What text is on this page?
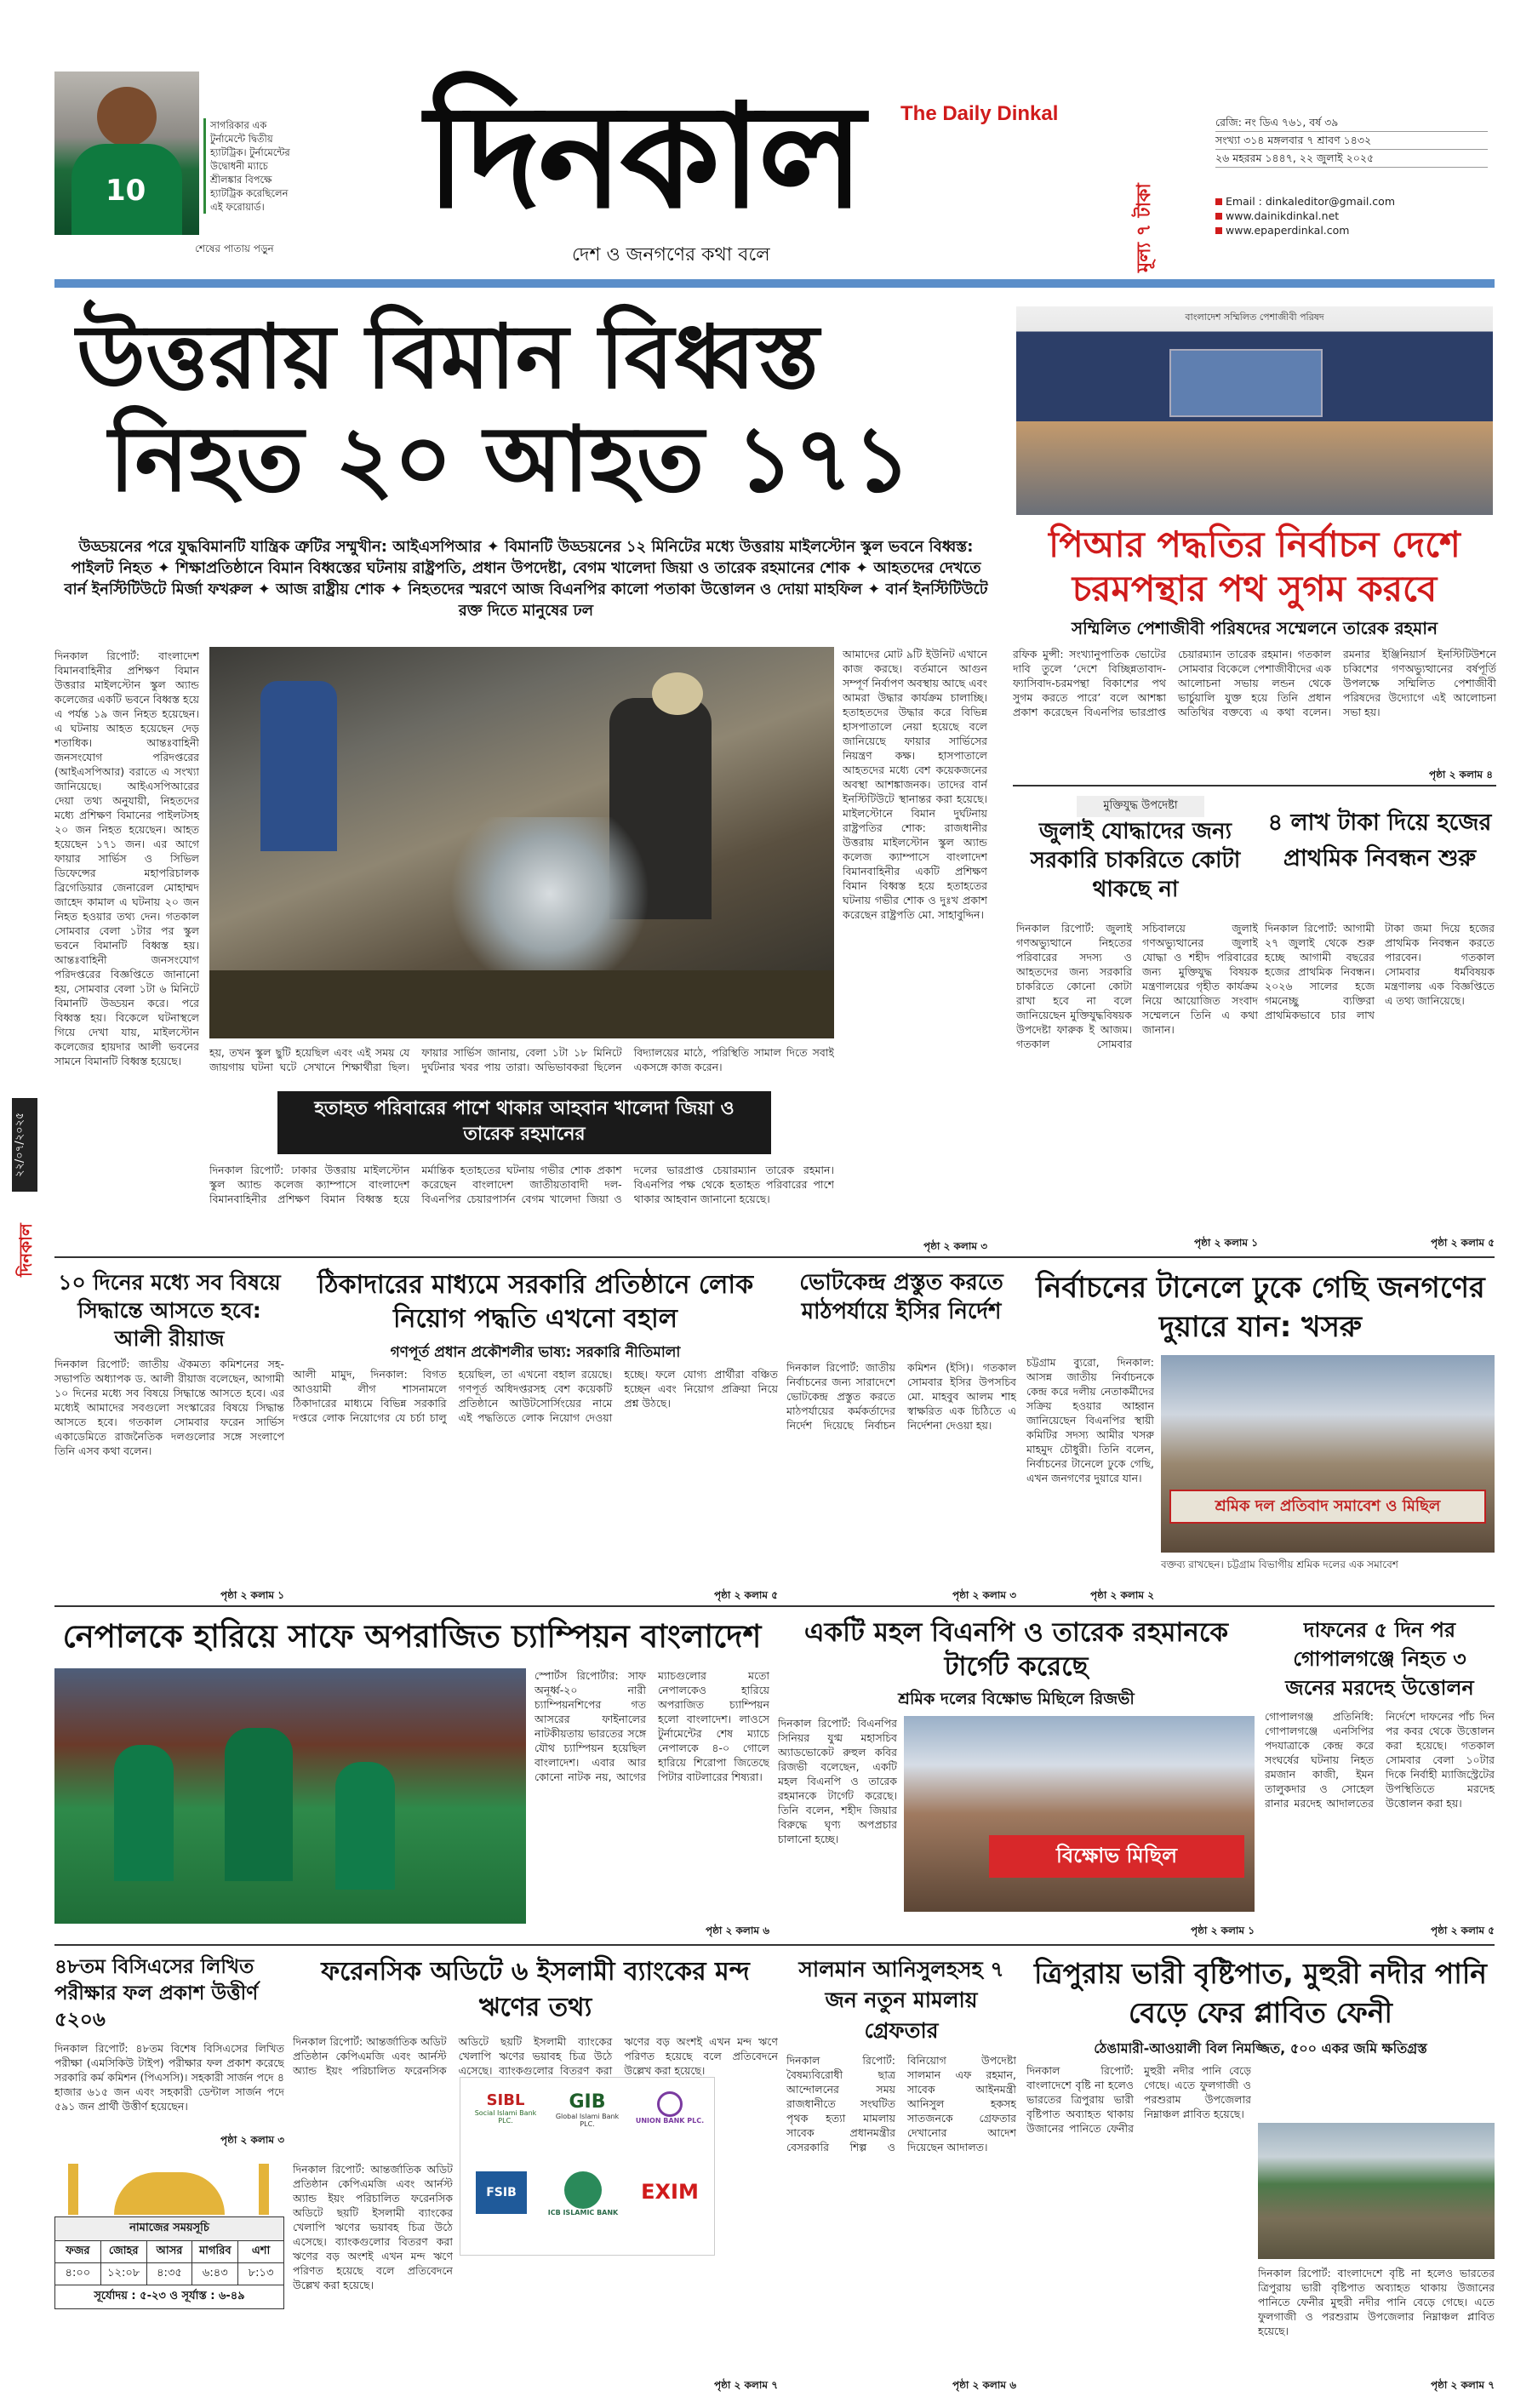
10
সাগরিকার এক টুর্নামেন্টে দ্বিতীয় হ্যাটট্রিক। টুর্নামেন্টের উদ্বোধনী ম্যাচে শ্রীলঙ্কার বিপক্ষে হ্যাটট্রিক করেছিলেন এই ফরোয়ার্ড।
শেষের পাতায় পড়ুন
দিনকাল The Daily Dinkal
দেশ ও জনগণের কথা বলে	মূল্য ৭ টাকা
রেজি: নং ডিএ ৭৬১, বর্ষ ৩৯
সংখ্যা ৩১৪ মঙ্গলবার ৭ শ্রাবণ ১৪৩২
২৬ মহররম ১৪৪৭, ২২ জুলাই ২০২৫
Email : dinkaleditor@gmail.com
www.dainikdinkal.net
www.epaperdinkal.com
২২/০৭/২০২৫
দিনকাল
উত্তরায় বিমান বিধ্বস্ত
নিহত ২০ আহত ১৭১
উড্ডয়নের পরে যুদ্ধবিমানটি যান্ত্রিক ত্রুটির সম্মুখীন: আইএসপিআর ✦ বিমানটি উড্ডয়নের ১২ মিনিটের মধ্যে উত্তরায় মাইলস্টোন স্কুল ভবনে বিধ্বস্ত: পাইলট নিহত ✦ শিক্ষাপ্রতিষ্ঠানে বিমান বিধ্বস্তের ঘটনায় রাষ্ট্রপতি, প্রধান উপদেষ্টা, বেগম খালেদা জিয়া ও তারেক রহমানের শোক ✦ আহতদের দেখতে বার্ন ইনস্টিটিউটে মির্জা ফখরুল ✦ আজ রাষ্ট্রীয় শোক ✦ নিহতদের স্মরণে আজ বিএনপির কালো পতাকা উত্তোলন ও দোয়া মাহফিল ✦ বার্ন ইনস্টিটিউটে রক্ত দিতে মানুষের ঢল
দিনকাল রিপোর্ট: বাংলাদেশ বিমানবাহিনীর প্রশিক্ষণ বিমান উত্তরার মাইলস্টোন স্কুল অ্যান্ড কলেজের একটি ভবনে বিধ্বস্ত হয়ে এ পর্যন্ত ১৯ জন নিহত হয়েছেন। এ ঘটনায় আহত হয়েছেন দেড় শতাধিক। আন্তঃবাহিনী জনসংযোগ পরিদপ্তরের (আইএসপিআর) বরাতে এ সংখ্যা জানিয়েছে। আইএসপিআরের দেয়া তথ্য অনুযায়ী, নিহতদের মধ্যে প্রশিক্ষণ বিমানের পাইলটসহ ২০ জন নিহত হয়েছেন। আহত হয়েছেন ১৭১ জন। এর আগে ফায়ার সার্ভিস ও সিভিল ডিফেন্সের মহাপরিচালক ব্রিগেডিয়ার জেনারেল মোহাম্মদ জাহেদ কামাল এ ঘটনায় ২০ জন নিহত হওয়ার তথ্য দেন। গতকাল সোমবার বেলা ১টার পর স্কুল ভবনে বিমানটি বিধ্বস্ত হয়। আন্তঃবাহিনী জনসংযোগ পরিদপ্তরের বিজ্ঞপ্তিতে জানানো হয়, সোমবার বেলা ১টা ৬ মিনিটে বিমানটি উড্ডয়ন করে। পরে বিধ্বস্ত হয়। বিকেলে ঘটনাস্থলে গিয়ে দেখা যায়, মাইলস্টোন কলেজের হায়দার আলী ভবনের সামনে বিমানটি বিধ্বস্ত হয়েছে।
আমাদের মোট ৯টি ইউনিট এখানে কাজ করছে। বর্তমানে আগুন সম্পূর্ণ নির্বাপণ অবস্থায় আছে এবং আমরা উদ্ধার কার্যক্রম চালাচ্ছি। হতাহতদের উদ্ধার করে বিভিন্ন হাসপাতালে নেয়া হয়েছে বলে জানিয়েছে ফায়ার সার্ভিসের নিয়ন্ত্রণ কক্ষ। হাসপাতালে আহতদের মধ্যে বেশ কয়েকজনের অবস্থা আশঙ্কাজনক। তাদের বার্ন ইনস্টিটিউটে স্থানান্তর করা হয়েছে। মাইলস্টোনে বিমান দুর্ঘটনায় রাষ্ট্রপতির শোক: রাজধানীর উত্তরায় মাইলস্টোন স্কুল অ্যান্ড কলেজ ক্যাম্পাসে বাংলাদেশ বিমানবাহিনীর একটি প্রশিক্ষণ বিমান বিধ্বস্ত হয়ে হতাহতের ঘটনায় গভীর শোক ও দুঃখ প্রকাশ করেছেন রাষ্ট্রপতি মো. সাহাবুদ্দিন।
হয়, তখন স্কুল ছুটি হয়েছিল এবং এই সময় যে জায়গায় ঘটনা ঘটে সেখানে শিক্ষার্থীরা ছিল। ফায়ার সার্ভিস জানায়, বেলা ১টা ১৮ মিনিটে দুর্ঘটনার খবর পায় তারা। অভিভাবকরা ছিলেন বিদ্যালয়ের মাঠে, পরিস্থিতি সামাল দিতে সবাই একসঙ্গে কাজ করেন।
হতাহত পরিবারের পাশে থাকার আহবান খালেদা জিয়া ও তারেক রহমানের
দিনকাল রিপোর্ট: ঢাকার উত্তরায় মাইলস্টোন স্কুল অ্যান্ড কলেজ ক্যাম্পাসে বাংলাদেশ বিমানবাহিনীর প্রশিক্ষণ বিমান বিধ্বস্ত হয়ে মর্মান্তিক হতাহতের ঘটনায় গভীর শোক প্রকাশ করেছেন বাংলাদেশ জাতীয়তাবাদী দল-বিএনপির চেয়ারপার্সন বেগম খালেদা জিয়া ও দলের ভারপ্রাপ্ত চেয়ারম্যান তারেক রহমান। বিএনপির পক্ষ থেকে হতাহত পরিবারের পাশে থাকার আহবান জানানো হয়েছে।
পৃষ্ঠা ২ কলাম ৩
বাংলাদেশ সম্মিলিত পেশাজীবী পরিষদ
পিআর পদ্ধতির নির্বাচন দেশে চরমপন্থার পথ সুগম করবে
সম্মিলিত পেশাজীবী পরিষদের সম্মেলনে তারেক রহমান
রফিক মুন্সী: সংখ্যানুপাতিক ভোটের দাবি তুলে ‘দেশে বিচ্ছিন্নতাবাদ-ফ্যাসিবাদ-চরমপন্থা বিকাশের পথ সুগম করতে পারে’ বলে আশঙ্কা প্রকাশ করেছেন বিএনপির ভারপ্রাপ্ত চেয়ারম্যান তারেক রহমান। গতকাল সোমবার বিকেলে পেশাজীবীদের এক আলোচনা সভায় লন্ডন থেকে ভার্চুয়ালি যুক্ত হয়ে তিনি প্রধান অতিথির বক্তব্যে এ কথা বলেন। রমনার ইঞ্জিনিয়ার্স ইনস্টিটিউশনে চব্বিশের গণঅভ্যুত্থানের বর্ষপূর্তি উপলক্ষে সম্মিলিত পেশাজীবী পরিষদের উদ্যোগে এই আলোচনা সভা হয়।
পৃষ্ঠা ২ কলাম ৪
মুক্তিযুদ্ধ উপদেষ্টা
জুলাই যোদ্ধাদের জন্য সরকারি চাকরিতে কোটা থাকছে না
দিনকাল রিপোর্ট: জুলাই গণঅভ্যুত্থানে নিহতের পরিবারের সদস্য ও আহতদের জন্য সরকারি চাকরিতে কোনো কোটা রাখা হবে না বলে জানিয়েছেন মুক্তিযুদ্ধবিষয়ক উপদেষ্টা ফারুক ই আজম। গতকাল সোমবার সচিবালয়ে জুলাই গণঅভ্যুত্থানের জুলাই যোদ্ধা ও শহীদ পরিবারের জন্য মুক্তিযুদ্ধ বিষয়ক মন্ত্রণালয়ের গৃহীত কার্যক্রম নিয়ে আয়োজিত সংবাদ সম্মেলনে তিনি এ কথা জানান।
পৃষ্ঠা ২ কলাম ১
৪ লাখ টাকা দিয়ে হজের প্রাথমিক নিবন্ধন শুরু
দিনকাল রিপোর্ট: আগামী ২৭ জুলাই থেকে শুরু হচ্ছে আগামী বছরের হজের প্রাথমিক নিবন্ধন। ২০২৬ সালের হজে গমনেচ্ছু ব্যক্তিরা প্রাথমিকভাবে চার লাখ টাকা জমা দিয়ে হজের প্রাথমিক নিবন্ধন করতে পারবেন। গতকাল সোমবার ধর্মবিষয়ক মন্ত্রণালয় এক বিজ্ঞপ্তিতে এ তথ্য জানিয়েছে।
পৃষ্ঠা ২ কলাম ৫
১০ দিনের মধ্যে সব বিষয়ে সিদ্ধান্তে আসতে হবে: আলী রীয়াজ
দিনকাল রিপোর্ট: জাতীয় ঐকমত্য কমিশনের সহ-সভাপতি অধ্যাপক ড. আলী রীয়াজ বলেছেন, আগামী ১০ দিনের মধ্যে সব বিষয়ে সিদ্ধান্তে আসতে হবে। এর মধ্যেই আমাদের সবগুলো সংস্কারের বিষয়ে সিদ্ধান্ত আসতে হবে। গতকাল সোমবার ফরেন সার্ভিস একাডেমিতে রাজনৈতিক দলগুলোর সঙ্গে সংলাপে তিনি এসব কথা বলেন।
পৃষ্ঠা ২ কলাম ১
ঠিকাদারের মাধ্যমে সরকারি প্রতিষ্ঠানে লোক নিয়োগ পদ্ধতি এখনো বহাল
গণপূর্ত প্রধান প্রকৌশলীর ভাষ্য: সরকারি নীতিমালা
আলী মামুদ, দিনকাল: বিগত আওয়ামী লীগ শাসনামলে ঠিকাদারের মাধ্যমে বিভিন্ন সরকারি দপ্তরে লোক নিয়োগের যে চর্চা চালু হয়েছিল, তা এখনো বহাল রয়েছে। গণপূর্ত অধিদপ্তরসহ বেশ কয়েকটি প্রতিষ্ঠানে আউটসোর্সিংয়ের নামে এই পদ্ধতিতে লোক নিয়োগ দেওয়া হচ্ছে। ফলে যোগ্য প্রার্থীরা বঞ্চিত হচ্ছেন এবং নিয়োগ প্রক্রিয়া নিয়ে প্রশ্ন উঠছে।
পৃষ্ঠা ২ কলাম ৫
ভোটকেন্দ্র প্রস্তুত করতে মাঠপর্যায়ে ইসির নির্দেশ
দিনকাল রিপোর্ট: জাতীয় নির্বাচনের জন্য সারাদেশে ভোটকেন্দ্র প্রস্তুত করতে মাঠপর্যায়ের কর্মকর্তাদের নির্দেশ দিয়েছে নির্বাচন কমিশন (ইসি)। গতকাল সোমবার ইসির উপসচিব মো. মাহবুব আলম শাহ স্বাক্ষরিত এক চিঠিতে এ নির্দেশনা দেওয়া হয়।
পৃষ্ঠা ২ কলাম ৩
নির্বাচনের টানেলে ঢুকে গেছি জনগণের দুয়ারে যান: খসরু
চট্টগ্রাম ব্যুরো, দিনকাল: আসন্ন জাতীয় নির্বাচনকে কেন্দ্র করে দলীয় নেতাকর্মীদের সক্রিয় হওয়ার আহ্বান জানিয়েছেন বিএনপির স্থায়ী কমিটির সদস্য আমীর খসরু মাহমুদ চৌধুরী। তিনি বলেন, নির্বাচনের টানেলে ঢুকে গেছি, এখন জনগণের দুয়ারে যান।
শ্রমিক দল প্রতিবাদ সমাবেশ ও মিছিল
বক্তব্য রাখছেন। চট্টগ্রাম বিভাগীয় শ্রমিক দলের এক সমাবেশ
পৃষ্ঠা ২ কলাম ২
নেপালকে হারিয়ে সাফে অপরাজিত চ্যাম্পিয়ন বাংলাদেশ
স্পোর্টস রিপোর্টার: সাফ অনূর্ধ্ব-২০ নারী চ্যাম্পিয়নশিপের গত আসরের ফাইনালের নাটকীয়তায় ভারতের সঙ্গে যৌথ চ্যাম্পিয়ন হয়েছিল বাংলাদেশ। এবার আর কোনো নাটক নয়, আগের ম্যাচগুলোর মতো নেপালকেও হারিয়ে অপরাজিত চ্যাম্পিয়ন হলো বাংলাদেশ। লাওসে টুর্নামেন্টের শেষ ম্যাচে নেপালকে ৪-০ গোলে হারিয়ে শিরোপা জিতেছে পিটার বাটলারের শিষ্যরা।
পৃষ্ঠা ২ কলাম ৬
একটি মহল বিএনপি ও তারেক রহমানকে টার্গেট করেছে
শ্রমিক দলের বিক্ষোভ মিছিলে রিজভী
দিনকাল রিপোর্ট: বিএনপির সিনিয়র যুগ্ম মহাসচিব অ্যাডভোকেট রুহুল কবির রিজভী বলেছেন, একটি মহল বিএনপি ও তারেক রহমানকে টার্গেট করেছে। তিনি বলেন, শহীদ জিয়ার বিরুদ্ধে ঘৃণ্য অপপ্রচার চালানো হচ্ছে।
বিক্ষোভ মিছিল
পৃষ্ঠা ২ কলাম ১
দাফনের ৫ দিন পর গোপালগঞ্জে নিহত ৩ জনের মরদেহ উত্তোলন
গোপালগঞ্জ প্রতিনিধি: গোপালগঞ্জে এনসিপির পদযাত্রাকে কেন্দ্র করে সংঘর্ষের ঘটনায় নিহত রমজান কাজী, ইমন তালুকদার ও সোহেল রানার মরদেহ আদালতের নির্দেশে দাফনের পাঁচ দিন পর কবর থেকে উত্তোলন করা হয়েছে। গতকাল সোমবার বেলা ১০টার দিকে নির্বাহী ম্যাজিস্ট্রেটের উপস্থিতিতে মরদেহ উত্তোলন করা হয়।
পৃষ্ঠা ২ কলাম ৫
৪৮তম বিসিএসের লিখিত পরীক্ষার ফল প্রকাশ উত্তীর্ণ ৫২০৬
দিনকাল রিপোর্ট: ৪৮তম বিশেষ বিসিএসের লিখিত পরীক্ষা (এমসিকিউ টাইপ) পরীক্ষার ফল প্রকাশ করেছে সরকারি কর্ম কমিশন (পিএসসি)। সহকারী সার্জন পদে ৪ হাজার ৬১৫ জন এবং সহকারী ডেন্টাল সার্জন পদে ৫৯১ জন প্রার্থী উত্তীর্ণ হয়েছেন।
পৃষ্ঠা ২ কলাম ৩
নামাজের সময়সূচি
ফজর	জোহর	আসর	মাগরিব	এশা
৪:০০	১২:০৮	৪:৩৫	৬:৪৩	৮:১৩
সূর্যোদয় : ৫-২৩ ও সূর্যাস্ত : ৬-৪৯
ফরেনসিক অডিটে ৬ ইসলামী ব্যাংকের মন্দ ঋণের তথ্য
দিনকাল রিপোর্ট: আন্তর্জাতিক অডিট প্রতিষ্ঠান কেপিএমজি এবং আর্নস্ট অ্যান্ড ইয়ং পরিচালিত ফরেনসিক অডিটে ছয়টি ইসলামী ব্যাংকের খেলাপি ঋণের ভয়াবহ চিত্র উঠে এসেছে। ব্যাংকগুলোর বিতরণ করা ঋণের বড় অংশই এখন মন্দ ঋণে পরিণত হয়েছে বলে প্রতিবেদনে উল্লেখ করা হয়েছে।
SIBL
Social Islami Bank PLC.
GIB
Global Islami Bank PLC.	UNION BANK PLC.
FSIB
ICB ISLAMIC BANK
EXIM
দিনকাল রিপোর্ট: আন্তর্জাতিক অডিট প্রতিষ্ঠান কেপিএমজি এবং আর্নস্ট অ্যান্ড ইয়ং পরিচালিত ফরেনসিক অডিটে ছয়টি ইসলামী ব্যাংকের খেলাপি ঋণের ভয়াবহ চিত্র উঠে এসেছে। ব্যাংকগুলোর বিতরণ করা ঋণের বড় অংশই এখন মন্দ ঋণে পরিণত হয়েছে বলে প্রতিবেদনে উল্লেখ করা হয়েছে।
পৃষ্ঠা ২ কলাম ৭
সালমান আনিসুলহসহ ৭ জন নতুন মামলায় গ্রেফতার
দিনকাল রিপোর্ট: বৈষম্যবিরোধী ছাত্র আন্দোলনের সময় রাজধানীতে সংঘটিত পৃথক হত্যা মামলায় সাবেক প্রধানমন্ত্রীর বেসরকারি শিল্প ও বিনিয়োগ উপদেষ্টা সালমান এফ রহমান, সাবেক আইনমন্ত্রী আনিসুল হকসহ সাতজনকে গ্রেফতার দেখানোর আদেশ দিয়েছেন আদালত।
পৃষ্ঠা ২ কলাম ৬
ত্রিপুরায় ভারী বৃষ্টিপাত, মুহুরী নদীর পানি বেড়ে ফের প্লাবিত ফেনী
ঠেঙামারী-আওয়ালী বিল নিমজ্জিত, ৫০০ একর জমি ক্ষতিগ্রস্ত
দিনকাল রিপোর্ট: বাংলাদেশে বৃষ্টি না হলেও ভারতের ত্রিপুরায় ভারী বৃষ্টিপাত অব্যাহত থাকায় উজানের পানিতে ফেনীর মুহুরী নদীর পানি বেড়ে গেছে। এতে ফুলগাজী ও পরশুরাম উপজেলার নিম্নাঞ্চল প্লাবিত হয়েছে।
দিনকাল রিপোর্ট: বাংলাদেশে বৃষ্টি না হলেও ভারতের ত্রিপুরায় ভারী বৃষ্টিপাত অব্যাহত থাকায় উজানের পানিতে ফেনীর মুহুরী নদীর পানি বেড়ে গেছে। এতে ফুলগাজী ও পরশুরাম উপজেলার নিম্নাঞ্চল প্লাবিত হয়েছে।
পৃষ্ঠা ২ কলাম ৭
